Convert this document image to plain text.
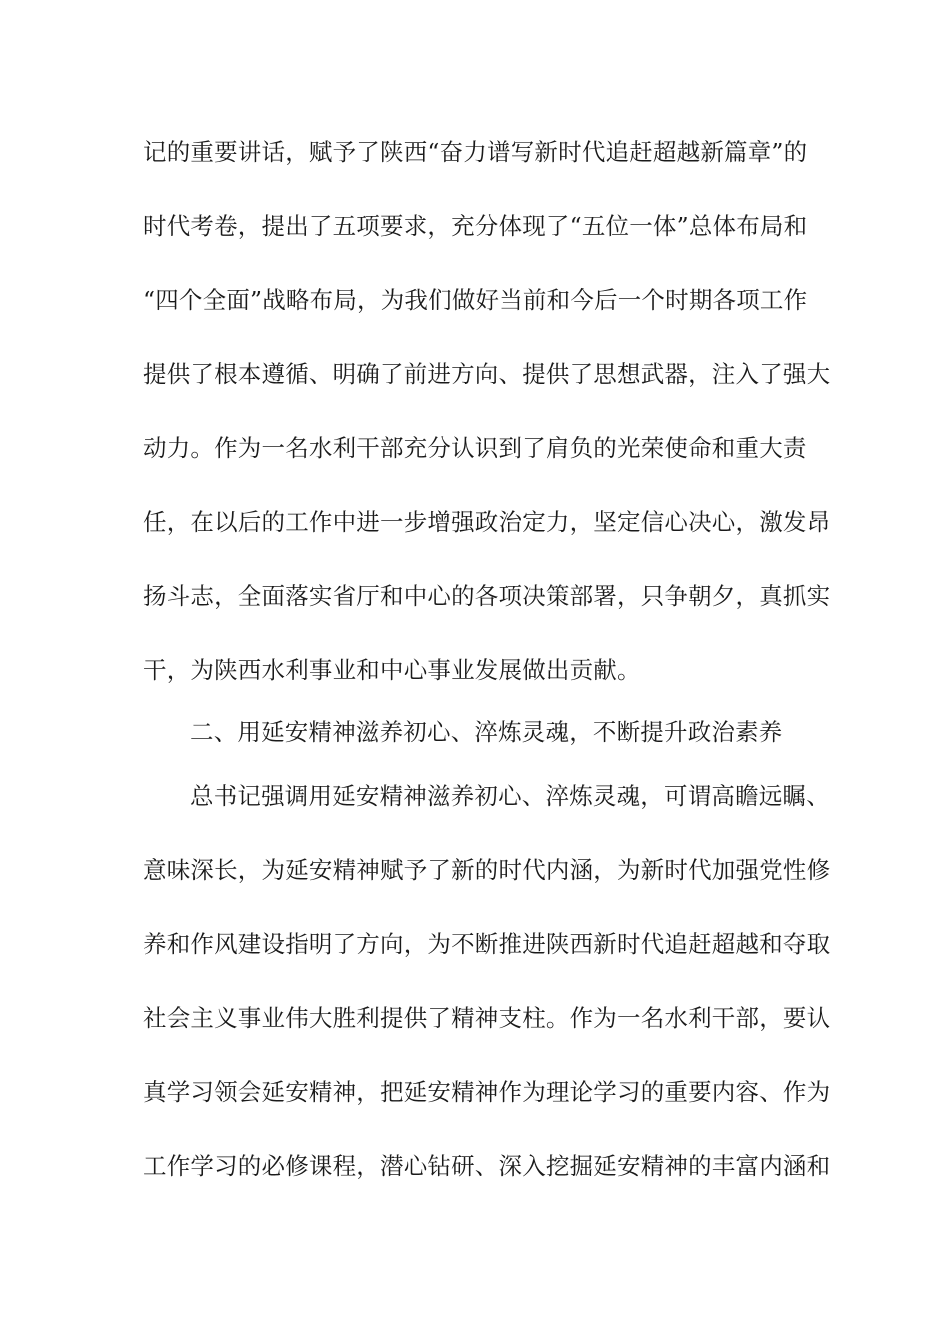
记的重要讲话，赋予了陕西“奋力谱写新时代追赶超越新篇章”的
时代考卷，提出了五项要求，充分体现了“五位一体”总体布局和
“四个全面”战略布局，为我们做好当前和今后一个时期各项工作
提供了根本遵循、明确了前进方向、提供了思想武器，注入了强大
动力。作为一名水利干部充分认识到了肩负的光荣使命和重大责
任，在以后的工作中进一步增强政治定力，坚定信心决心，激发昂
扬斗志，全面落实省厅和中心的各项决策部署，只争朝夕，真抓实
干，为陕西水利事业和中心事业发展做出贡献。
二、用延安精神滋养初心、淬炼灵魂，不断提升政治素养
总书记强调用延安精神滋养初心、淬炼灵魂，可谓高瞻远瞩、
意味深长，为延安精神赋予了新的时代内涵，为新时代加强党性修
养和作风建设指明了方向，为不断推进陕西新时代追赶超越和夺取
社会主义事业伟大胜利提供了精神支柱。作为一名水利干部，要认
真学习领会延安精神，把延安精神作为理论学习的重要内容、作为
工作学习的必修课程，潜心钻研、深入挖掘延安精神的丰富内涵和
